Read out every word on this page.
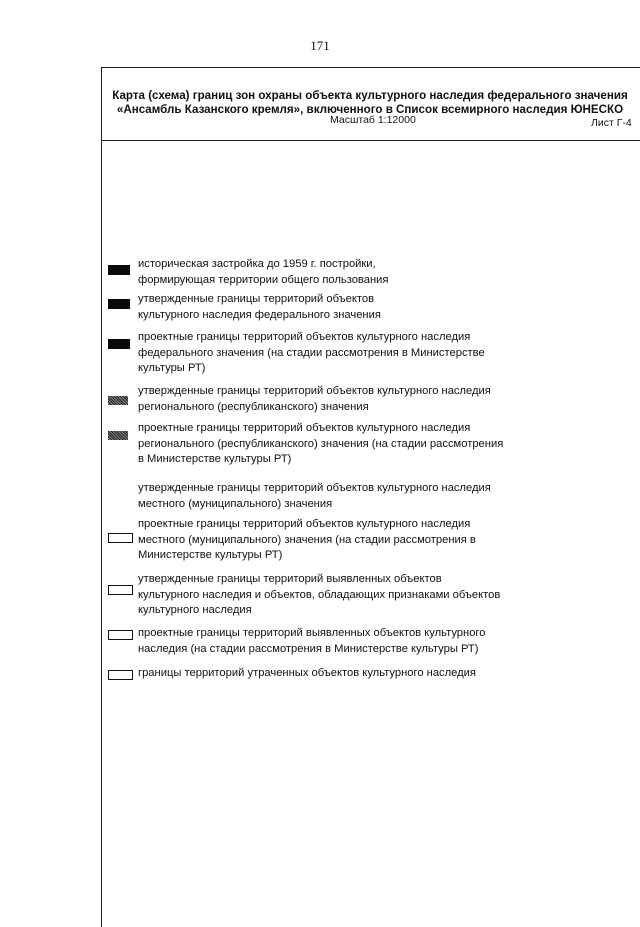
171
Карта (схема) границ зон охраны объекта культурного наследия федерального значения
«Ансамбль Казанского кремля», включенного в Список всемирного наследия ЮНЕСКО
Масштаб 1:12000	Лист Г-4
историческая застройка до 1959 г. постройки,
формирующая территории общего пользования
утвержденные границы территорий объектов
культурного наследия федерального значения
проектные границы территорий объектов культурного наследия
федерального значения (на стадии рассмотрения в Министерстве
культуры РТ)
утвержденные границы территорий объектов культурного наследия
регионального (республиканского) значения
проектные границы территорий объектов культурного наследия
регионального (республиканского) значения (на стадии рассмотрения
в Министерстве культуры РТ)
утвержденные границы территорий объектов культурного наследия
местного (муниципального) значения
проектные границы территорий объектов культурного наследия
местного (муниципального) значения (на стадии рассмотрения в
Министерстве культуры РТ)
утвержденные границы территорий выявленных объектов
культурного наследия и объектов, обладающих признаками объектов
культурного наследия
проектные границы территорий выявленных объектов культурного
наследия (на стадии рассмотрения в Министерстве культуры РТ)
границы территорий утраченных объектов культурного наследия
